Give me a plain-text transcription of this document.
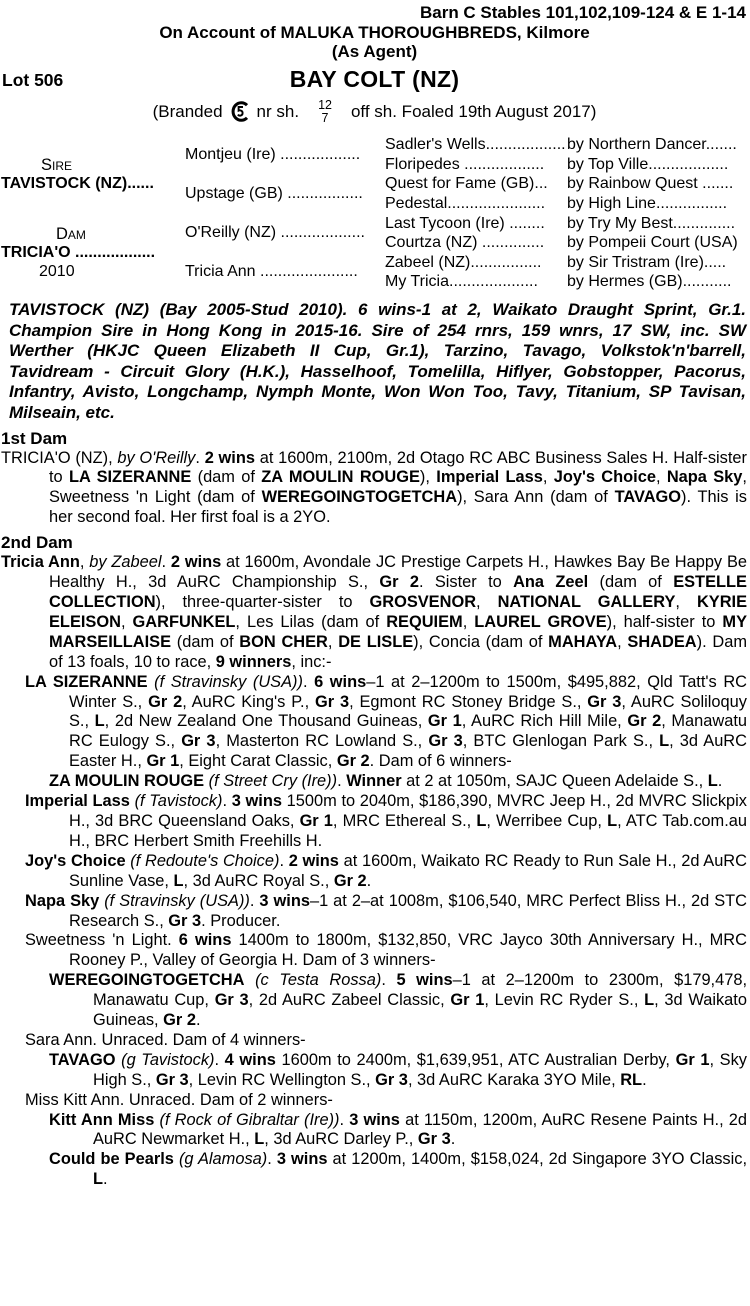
Barn C Stables 101,102,109-124 & E 1-14
On Account of MALUKA THOROUGHBREDS, Kilmore
(As Agent)
Lot 506	BAY COLT (NZ)
(Branded nr sh. 12
7 off sh. Foaled 19th August 2017)
Sire
TAVISTOCK (NZ)......
Dam
TRICIA'O ..................
2010
Montjeu (Ire) ..................
Upstage (GB) .................
O'Reilly (NZ) ...................
Tricia Ann ......................
Sadler's Wells.................. by Northern Dancer.......
Floripedes ..................	by Top Ville..................
Quest for Fame (GB)...	by Rainbow Quest .......
Pedestal......................	by High Line................
Last Tycoon (Ire) ........	by Try My Best..............
Courtza (NZ) ..............	by Pompeii Court (USA)
Zabeel (NZ)................	by Sir Tristram (Ire).....
My Tricia....................	by Hermes (GB)...........
TAVISTOCK (NZ) (Bay 2005-Stud 2010). 6 wins-1 at 2, Waikato Draught Sprint, Gr.1. Champion Sire in Hong Kong in 2015-16. Sire of 254 rnrs, 159 wnrs, 17 SW, inc. SW Werther (HKJC Queen Elizabeth II Cup, Gr.1), Tarzino, Tavago, Volkstok'n'barrell, Tavidream - Circuit Glory (H.K.), Hasselhoof, Tomelilla, Hiflyer, Gobstopper, Pacorus, Infantry, Avisto, Longchamp, Nymph Monte, Won Won Too, Tavy, Titanium, SP Tavisan, Milseain, etc.
1st Dam
TRICIA'O (NZ), by O'Reilly. 2 wins at 1600m, 2100m, 2d Otago RC ABC Business Sales H. Half-sister to LA SIZERANNE (dam of ZA MOULIN ROUGE), Imperial Lass, Joy's Choice, Napa Sky, Sweetness 'n Light (dam of WEREGOINGTOGETCHA), Sara Ann (dam of TAVAGO). This is her second foal. Her first foal is a 2YO.
2nd Dam
Tricia Ann, by Zabeel. 2 wins at 1600m, Avondale JC Prestige Carpets H., Hawkes Bay Be Happy Be Healthy H., 3d AuRC Championship S., Gr 2. Sister to Ana Zeel (dam of ESTELLE COLLECTION), three-quarter-sister to GROSVENOR, NATIONAL GALLERY, KYRIE ELEISON, GARFUNKEL, Les Lilas (dam of REQUIEM, LAUREL GROVE), half-sister to MY MARSEILLAISE (dam of BON CHER, DE LISLE), Concia (dam of MAHAYA, SHADEA). Dam of 13 foals, 10 to race, 9 winners, inc:-
LA SIZERANNE (f Stravinsky (USA)). 6 wins–1 at 2–1200m to 1500m, $495,882, Qld Tatt's RC Winter S., Gr 2, AuRC King's P., Gr 3, Egmont RC Stoney Bridge S., Gr 3, AuRC Soliloquy S., L, 2d New Zealand One Thousand Guineas, Gr 1, AuRC Rich Hill Mile, Gr 2, Manawatu RC Eulogy S., Gr 3, Masterton RC Lowland S., Gr 3, BTC Glenlogan Park S., L, 3d AuRC Easter H., Gr 1, Eight Carat Classic, Gr 2. Dam of 6 winners-
ZA MOULIN ROUGE (f Street Cry (Ire)). Winner at 2 at 1050m, SAJC Queen Adelaide S., L.
Imperial Lass (f Tavistock). 3 wins 1500m to 2040m, $186,390, MVRC Jeep H., 2d MVRC Slickpix H., 3d BRC Queensland Oaks, Gr 1, MRC Ethereal S., L, Werribee Cup, L, ATC Tab.com.au H., BRC Herbert Smith Freehills H.
Joy's Choice (f Redoute's Choice). 2 wins at 1600m, Waikato RC Ready to Run Sale H., 2d AuRC Sunline Vase, L, 3d AuRC Royal S., Gr 2.
Napa Sky (f Stravinsky (USA)). 3 wins–1 at 2–at 1008m, $106,540, MRC Perfect Bliss H., 2d STC Research S., Gr 3. Producer.
Sweetness 'n Light. 6 wins 1400m to 1800m, $132,850, VRC Jayco 30th Anniversary H., MRC Rooney P., Valley of Georgia H. Dam of 3 winners-
WEREGOINGTOGETCHA (c Testa Rossa). 5 wins–1 at 2–1200m to 2300m, $179,478, Manawatu Cup, Gr 3, 2d AuRC Zabeel Classic, Gr 1, Levin RC Ryder S., L, 3d Waikato Guineas, Gr 2.
Sara Ann. Unraced. Dam of 4 winners-
TAVAGO (g Tavistock). 4 wins 1600m to 2400m, $1,639,951, ATC Australian Derby, Gr 1, Sky High S., Gr 3, Levin RC Wellington S., Gr 3, 3d AuRC Karaka 3YO Mile, RL.
Miss Kitt Ann. Unraced. Dam of 2 winners-
Kitt Ann Miss (f Rock of Gibraltar (Ire)). 3 wins at 1150m, 1200m, AuRC Resene Paints H., 2d AuRC Newmarket H., L, 3d AuRC Darley P., Gr 3.
Could be Pearls (g Alamosa). 3 wins at 1200m, 1400m, $158,024, 2d Singapore 3YO Classic, L.
